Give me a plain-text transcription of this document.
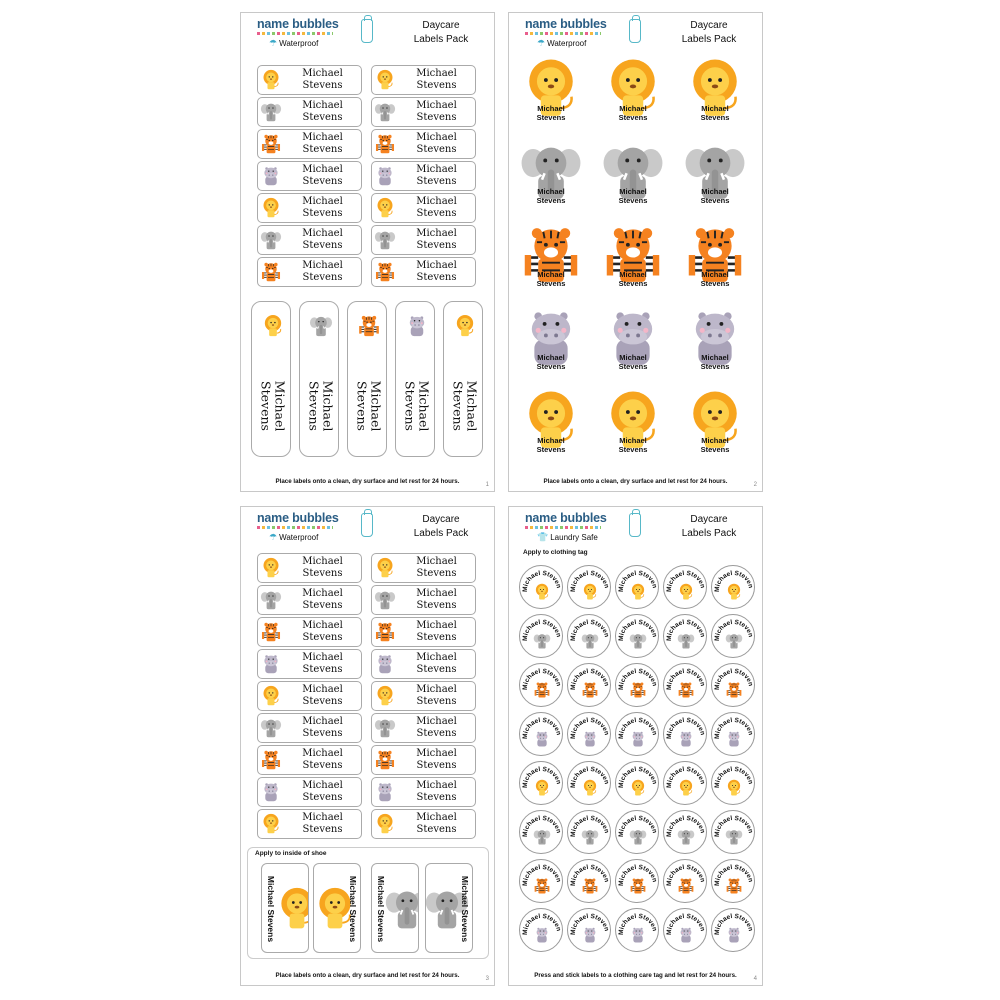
name bubbles
☂ Waterproof
Daycare
Labels Pack
Michael
Stevens
Michael
Stevens
Michael
Stevens
Michael
Stevens
Michael
Stevens
Michael
Stevens
Michael
Stevens
Michael
Stevens
Michael
Stevens
Michael
Stevens
Michael
Stevens
Michael
Stevens
Michael
Stevens
Michael
Stevens
Michael
Stevens	Michael
Stevens	Michael
Stevens	Michael
Stevens	Michael
Stevens
Place labels onto a clean, dry surface and let rest for 24 hours.	1
name bubbles
☂ Waterproof
Daycare
Labels Pack
Michael
Stevens
Michael
Stevens
Michael
Stevens
Michael
Stevens
Michael
Stevens
Michael
Stevens
Michael
Stevens
Michael
Stevens
Michael
Stevens
Michael
Stevens
Michael
Stevens
Michael
Stevens
Michael
Stevens
Michael
Stevens
Michael
Stevens
Place labels onto a clean, dry surface and let rest for 24 hours.	2
name bubbles
☂ Waterproof
Daycare
Labels Pack
Michael
Stevens
Michael
Stevens
Michael
Stevens
Michael
Stevens
Michael
Stevens
Michael
Stevens
Michael
Stevens
Michael
Stevens
Michael
Stevens
Michael
Stevens
Michael
Stevens
Michael
Stevens
Michael
Stevens
Michael
Stevens
Michael
Stevens
Michael
Stevens
Michael
Stevens
Michael
Stevens
Apply to inside of shoe
Michael Stevens	Michael Stevens Michael Stevens	Michael Stevens
Place labels onto a clean, dry surface and let rest for 24 hours.	3
name bubbles
👕 Laundry Safe
Daycare
Labels Pack
Apply to clothing tag
Michael Steven
Michael Steven
Michael Steven
Michael Steven
Michael Steven
Michael Steven
Michael Steven
Michael Steven
Michael Steven
Michael Steven
Michael Steven
Michael Steven
Michael Steven
Michael Steven
Michael Steven
Michael Steven
Michael Steven
Michael Steven
Michael Steven
Michael Steven
Michael Steven
Michael Steven
Michael Steven
Michael Steven
Michael Steven
Michael Steven
Michael Steven
Michael Steven
Michael Steven
Michael Steven
Michael Steven
Michael Steven
Michael Steven
Michael Steven
Michael Steven
Michael Steven
Michael Steven
Michael Steven
Michael Steven
Michael Steven
Press and stick labels to a clothing care tag and let rest for 24 hours.	4
